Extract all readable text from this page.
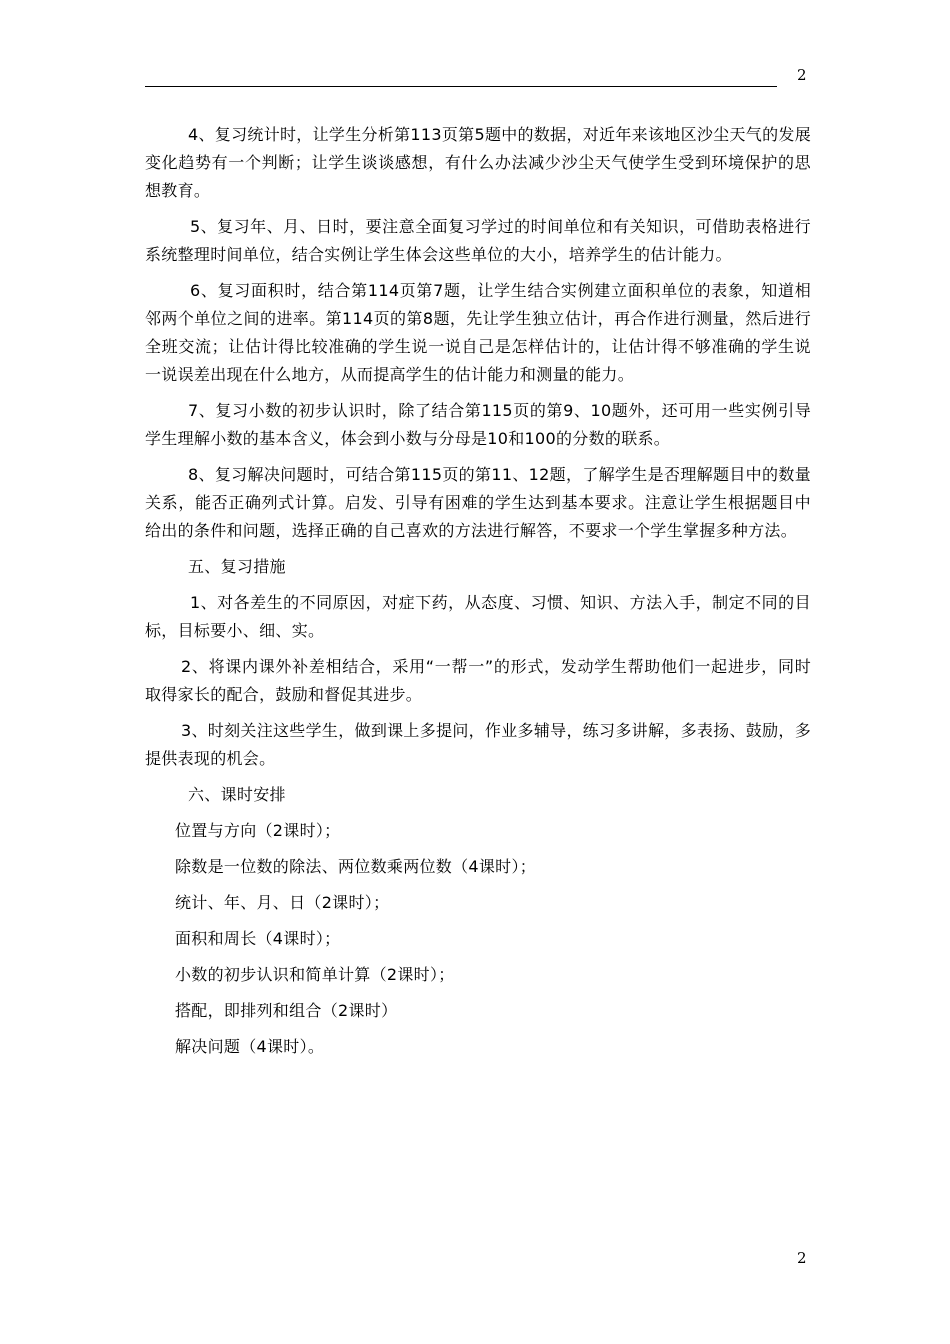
2

4、复习统计时，让学生分析第113页第5题中的数据，对近年来该地区沙尘天气的发展变化趋势有一个判断；让学生谈谈感想，有什么办法减少沙尘天气使学生受到环境保护的思想教育。

5、复习年、月、日时，要注意全面复习学过的时间单位和有关知识，可借助表格进行系统整理时间单位，结合实例让学生体会这些单位的大小，培养学生的估计能力。

6、复习面积时，结合第114页第7题，让学生结合实例建立面积单位的表象，知道相邻两个单位之间的进率。第114页的第8题，先让学生独立估计，再合作进行测量，然后进行全班交流；让估计得比较准确的学生说一说自己是怎样估计的，让估计得不够准确的学生说一说误差出现在什么地方，从而提高学生的估计能力和测量的能力。

7、复习小数的初步认识时，除了结合第115页的第9、10题外，还可用一些实例引导学生理解小数的基本含义，体会到小数与分母是10和100的分数的联系。

8、复习解决问题时，可结合第115页的第11、12题，了解学生是否理解题目中的数量关系，能否正确列式计算。启发、引导有困难的学生达到基本要求。注意让学生根据题目中给出的条件和问题，选择正确的自己喜欢的方法进行解答，不要求一个学生掌握多种方法。

五、复习措施

1、对各差生的不同原因，对症下药，从态度、习惯、知识、方法入手，制定不同的目标，目标要小、细、实。

2、将课内课外补差相结合，采用“一帮一”的形式，发动学生帮助他们一起进步，同时取得家长的配合，鼓励和督促其进步。

3、时刻关注这些学生，做到课上多提问，作业多辅导，练习多讲解，多表扬、鼓励，多提供表现的机会。

六、课时安排

位置与方向（2课时）；

除数是一位数的除法、两位数乘两位数（4课时）；

统计、年、月、日（2课时）；

面积和周长（4课时）；

小数的初步认识和简单计算（2课时）；

搭配，即排列和组合（2课时）

解决问题（4课时）。

2
